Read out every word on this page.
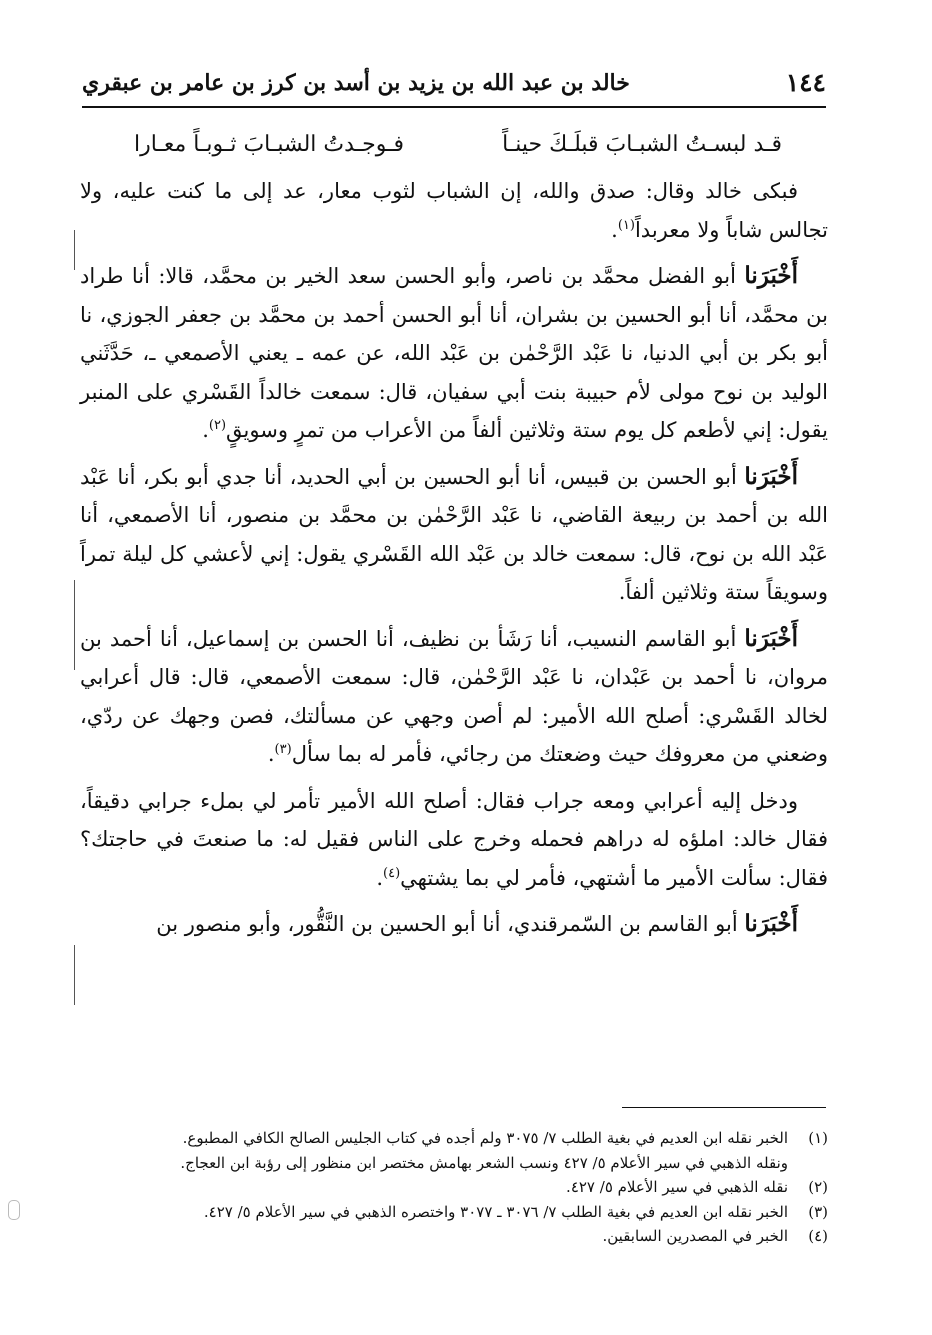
١٤٤
خالد بن عبد الله بن يزيد بن أسد بن كرز بن عامر بن عبقري
قـد لبسـتُ الشبـابَ قبلَـكَ حينـاً
فـوجـدتُ الشبـابَ ثـوبـاً معـارا

فبكى خالد وقال: صدق والله، إن الشباب لثوب معار، عد إلى ما كنت عليه، ولا تجالس شاباً ولا معربداً$^{(١)}$.

أَخْبَرَنا أبو الفضل محمَّد بن ناصر، وأبو الحسن سعد الخير بن محمَّد، قالا: أنا طراد بن محمَّد، أنا أبو الحسين بن بشران، أنا أبو الحسن أحمد بن محمَّد بن جعفر الجوزي، نا أبو بكر بن أبي الدنيا، نا عَبْد الرَّحْمٰن بن عَبْد الله، عن عمه ـ يعني الأصمعي ـ، حَدَّثَني الوليد بن نوح مولى لأم حبيبة بنت أبي سفيان، قال: سمعت خالداً القَسْري على المنبر يقول: إني لأطعم كل يوم ستة وثلاثين ألفاً من الأعراب من تمرٍ وسويقٍ$^{(٢)}$.

أَخْبَرَنا أبو الحسن بن قبيس، أنا أبو الحسين بن أبي الحديد، أنا جدي أبو بكر، أنا عَبْد الله بن أحمد بن ربيعة القاضي، نا عَبْد الرَّحْمٰن بن محمَّد بن منصور، أنا الأصمعي، أنا عَبْد الله بن نوح، قال: سمعت خالد بن عَبْد الله القَسْري يقول: إني لأعشي كل ليلة تمراً وسويقاً ستة وثلاثين ألفاً.

أَخْبَرَنا أبو القاسم النسيب، أنا رَشَأ بن نظيف، أنا الحسن بن إسماعيل، أنا أحمد بن مروان، نا أحمد بن عَبْدان، نا عَبْد الرَّحْمٰن، قال: سمعت الأصمعي، قال: قال أعرابي لخالد القَسْري: أصلح الله الأمير: لم أصن وجهي عن مسألتك، فصن وجهك عن ردّي، وضعني من معروفك حيث وضعتك من رجائي، فأمر له بما سأل$^{(٣)}$.

ودخل إليه أعرابي ومعه جراب فقال: أصلح الله الأمير تأمر لي بملء جرابي دقيقاً، فقال خالد: املؤه له دراهم فحمله وخرج على الناس فقيل له: ما صنعتَ في حاجتك؟ فقال: سألت الأمير ما أشتهي، فأمر لي بما يشتهي$^{(٤)}$.

أَخْبَرَنا أبو القاسم بن السّمرقندي، أنا أبو الحسين بن النَّقُّور، وأبو منصور بن

(١)
الخبر نقله ابن العديم في بغية الطلب ٧/ ٣٠٧٥ ولم أجده في كتاب الجليس الصالح الكافي المطبوع.
ونقله الذهبي في سير الأعلام ٥/ ٤٢٧ ونسب الشعر بهامش مختصر ابن منظور إلى رؤبة ابن العجاج.
(٢)
نقله الذهبي في سير الأعلام ٥/ ٤٢٧.
(٣)
الخبر نقله ابن العديم في بغية الطلب ٧/ ٣٠٧٦ ـ ٣٠٧٧ واختصره الذهبي في سير الأعلام ٥/ ٤٢٧.
(٤)
الخبر في المصدرين السابقين.
